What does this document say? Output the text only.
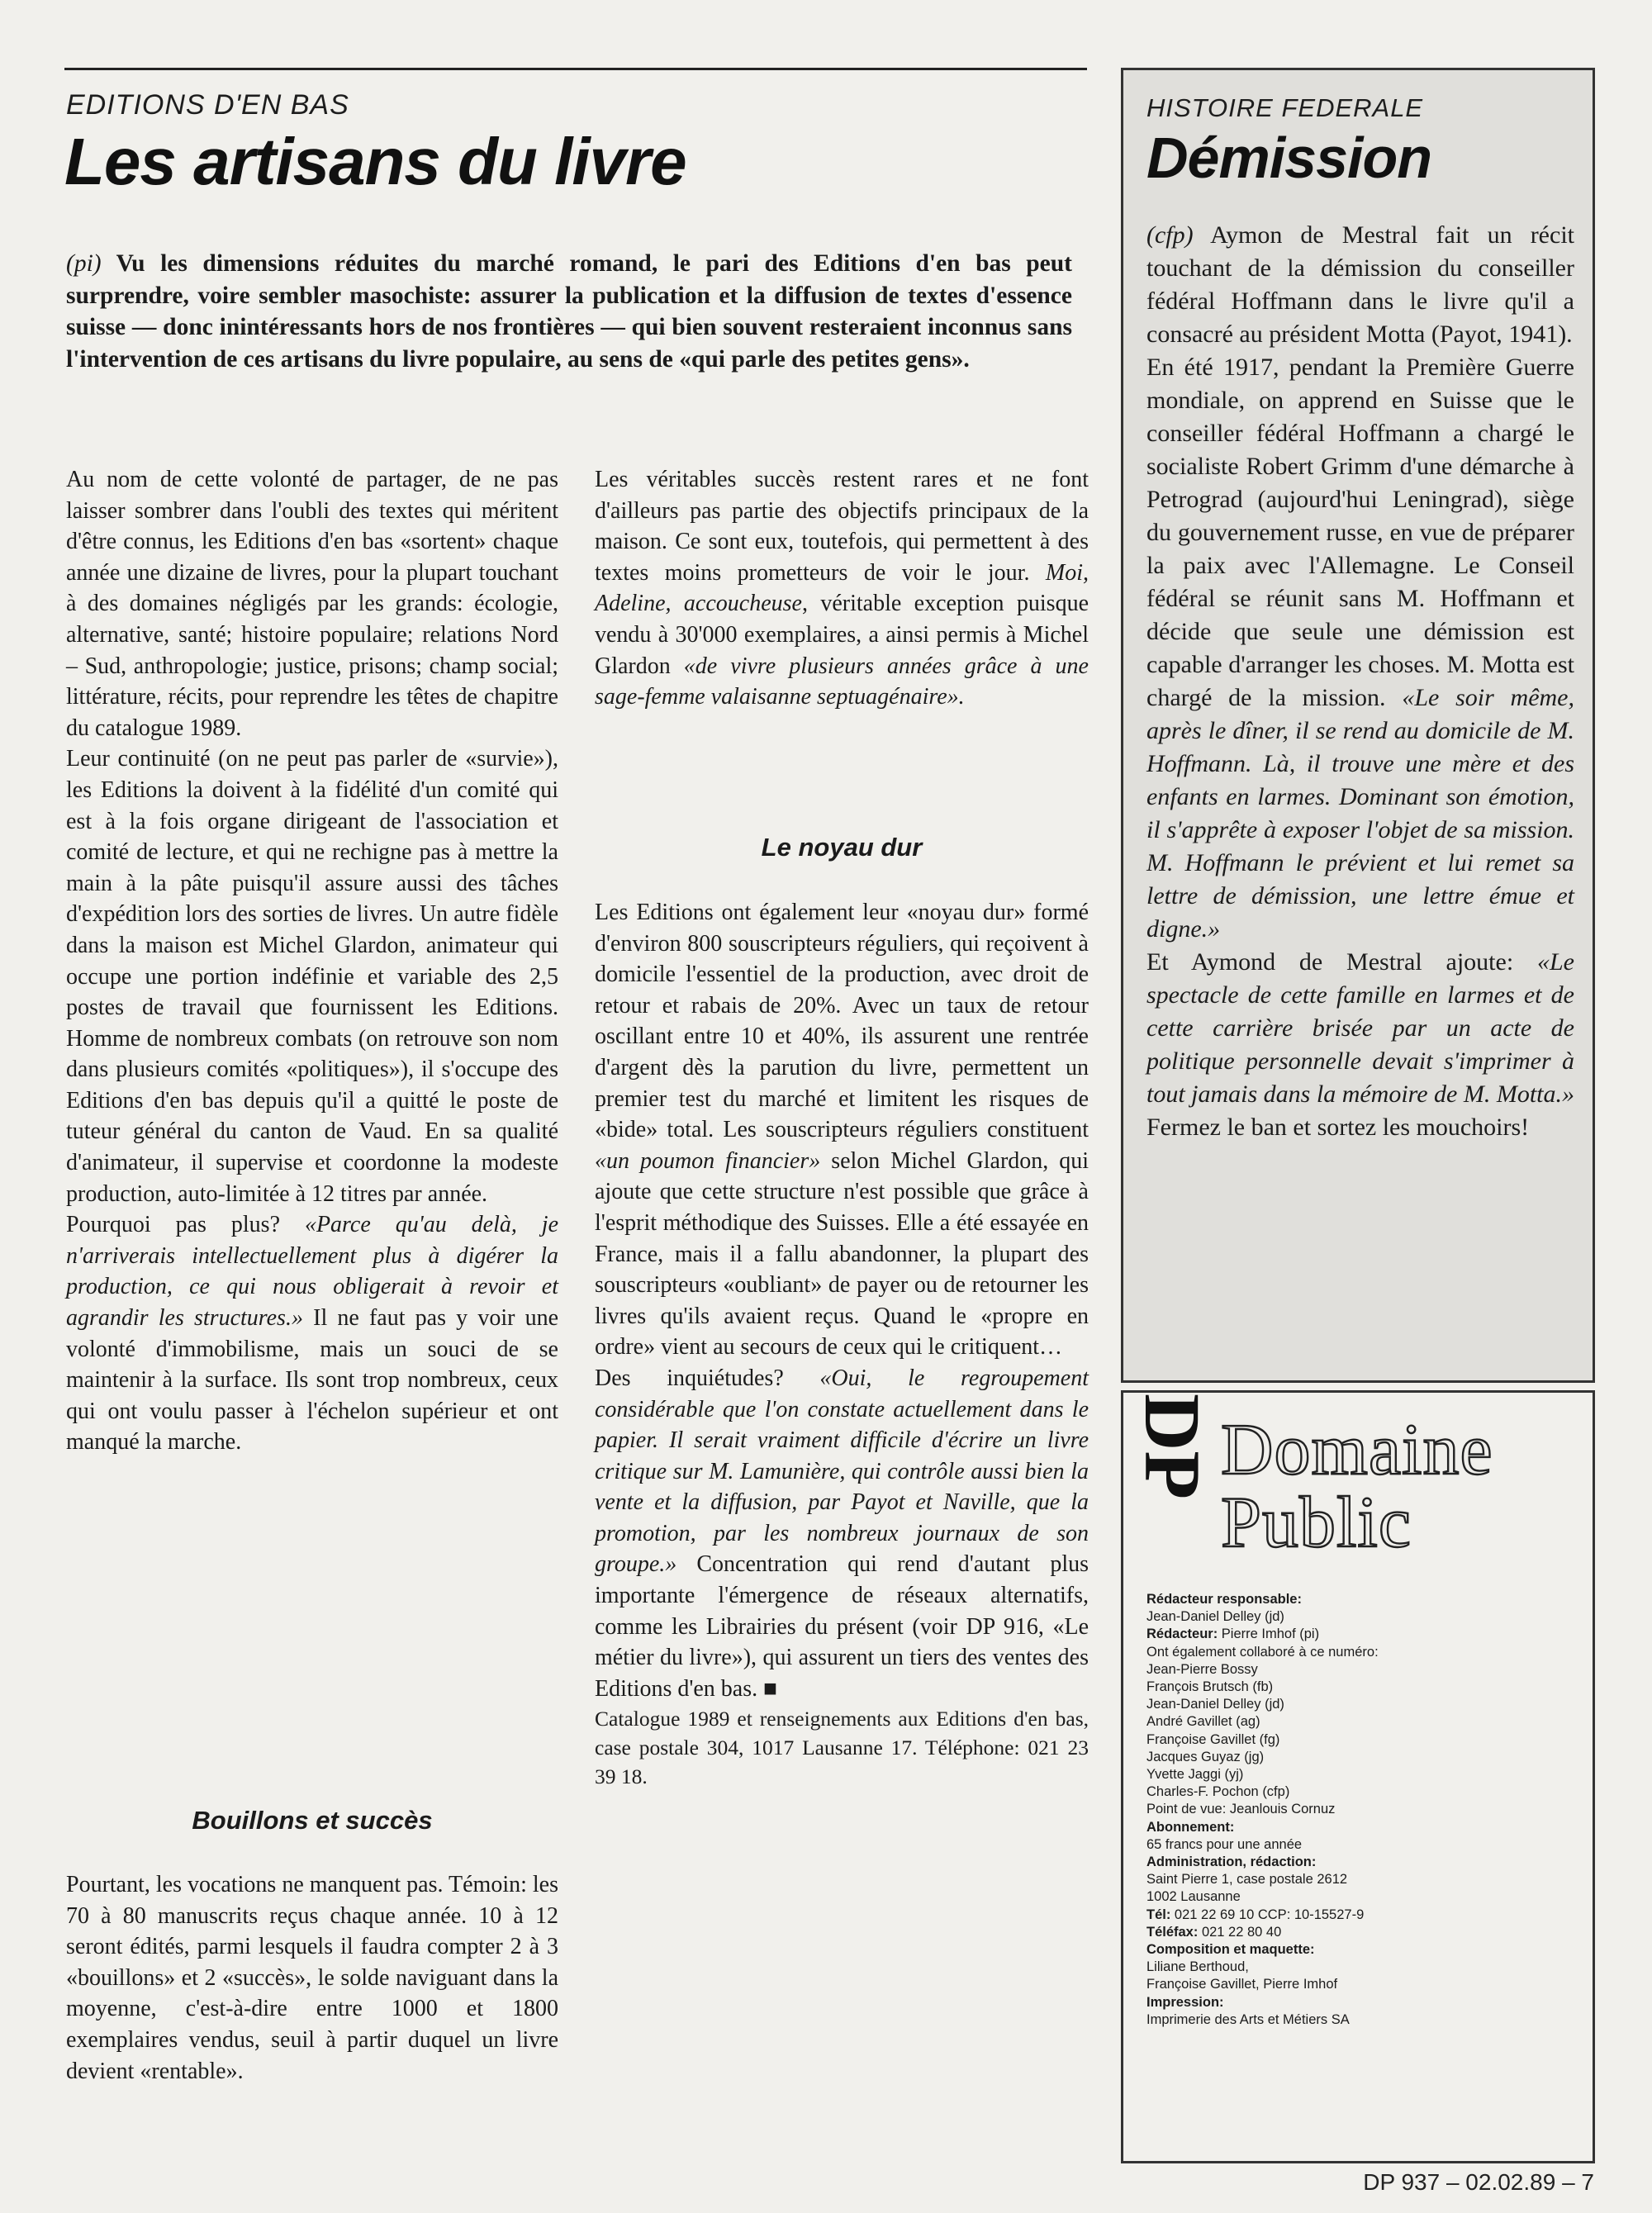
EDITIONS D'EN BAS
Les artisans du livre
(pi) Vu les dimensions réduites du marché romand, le pari des Editions d'en bas peut surprendre, voire sembler masochiste: assurer la publication et la diffusion de textes d'essence suisse — donc inintéressants hors de nos frontières — qui bien souvent resteraient inconnus sans l'intervention de ces artisans du livre populaire, au sens de «qui parle des petites gens».

Au nom de cette volonté de partager, de ne pas laisser sombrer dans l'oubli des textes qui méritent d'être connus, les Editions d'en bas «sortent» chaque année une dizaine de livres, pour la plupart touchant à des domaines négligés par les grands: écologie, alternative, santé; histoire populaire; relations Nord – Sud, anthropologie; justice, prisons; champ social; littérature, récits, pour reprendre les têtes de chapitre du catalogue 1989.

Leur continuité (on ne peut pas parler de «survie»), les Editions la doivent à la fidélité d'un comité qui est à la fois organe dirigeant de l'association et comité de lecture, et qui ne rechigne pas à mettre la main à la pâte puisqu'il assure aussi des tâches d'expédition lors des sorties de livres. Un autre fidèle dans la maison est Michel Glardon, animateur qui occupe une portion indéfinie et variable des 2,5 postes de travail que fournissent les Editions. Homme de nombreux combats (on retrouve son nom dans plusieurs comités «politiques»), il s'occupe des Editions d'en bas depuis qu'il a quitté le poste de tuteur général du canton de Vaud. En sa qualité d'animateur, il supervise et coordonne la modeste production, auto-limitée à 12 titres par année.

Pourquoi pas plus? «Parce qu'au delà, je n'arriverais intellectuellement plus à digérer la production, ce qui nous obligerait à revoir et agrandir les structures.» Il ne faut pas y voir une volonté d'immobilisme, mais un souci de se maintenir à la surface. Ils sont trop nombreux, ceux qui ont voulu passer à l'échelon supérieur et ont manqué la marche.

Bouillons et succès

Pourtant, les vocations ne manquent pas. Témoin: les 70 à 80 manuscrits reçus chaque année. 10 à 12 seront édités, parmi lesquels il faudra compter 2 à 3 «bouillons» et 2 «succès», le solde naviguant dans la moyenne, c'est-à-dire entre 1000 et 1800 exemplaires vendus, seuil à partir duquel un livre devient «rentable».

Les véritables succès restent rares et ne font d'ailleurs pas partie des objectifs principaux de la maison. Ce sont eux, toutefois, qui permettent à des textes moins prometteurs de voir le jour. Moi, Adeline, accoucheuse, véritable exception puisque vendu à 30'000 exemplaires, a ainsi permis à Michel Glardon «de vivre plusieurs années grâce à une sage-femme valaisanne septuagénaire».

Le noyau dur

Les Editions ont également leur «noyau dur» formé d'environ 800 souscripteurs réguliers, qui reçoivent à domicile l'essentiel de la production, avec droit de retour et rabais de 20%. Avec un taux de retour oscillant entre 10 et 40%, ils assurent une rentrée d'argent dès la parution du livre, permettent un premier test du marché et limitent les risques de «bide» total. Les souscripteurs réguliers constituent «un poumon financier» selon Michel Glardon, qui ajoute que cette structure n'est possible que grâce à l'esprit méthodique des Suisses. Elle a été essayée en France, mais il a fallu abandonner, la plupart des souscripteurs «oubliant» de payer ou de retourner les livres qu'ils avaient reçus. Quand le «propre en ordre» vient au secours de ceux qui le critiquent…

Des inquiétudes? «Oui, le regroupement considérable que l'on constate actuellement dans le papier. Il serait vraiment difficile d'écrire un livre critique sur M. Lamunière, qui contrôle aussi bien la vente et la diffusion, par Payot et Naville, que la promotion, par les nombreux journaux de son groupe.» Concentration qui rend d'autant plus importante l'émergence de réseaux alternatifs, comme les Librairies du présent (voir DP 916, «Le métier du livre»), qui assurent un tiers des ventes des Editions d'en bas. ■

Catalogue 1989 et renseignements aux Editions d'en bas, case postale 304, 1017 Lausanne 17. Téléphone: 021 23 39 18.

HISTOIRE FEDERALE
Démission

(cfp) Aymon de Mestral fait un récit touchant de la démission du conseiller fédéral Hoffmann dans le livre qu'il a consacré au président Motta (Payot, 1941).

En été 1917, pendant la Première Guerre mondiale, on apprend en Suisse que le conseiller fédéral Hoffmann a chargé le socialiste Robert Grimm d'une démarche à Petrograd (aujourd'hui Leningrad), siège du gouvernement russe, en vue de préparer la paix avec l'Allemagne. Le Conseil fédéral se réunit sans M. Hoffmann et décide que seule une démission est capable d'arranger les choses. M. Motta est chargé de la mission. «Le soir même, après le dîner, il se rend au domicile de M. Hoffmann. Là, il trouve une mère et des enfants en larmes. Dominant son émotion, il s'apprête à exposer l'objet de sa mission. M. Hoffmann le prévient et lui remet sa lettre de démission, une lettre émue et digne.»

Et Aymond de Mestral ajoute: «Le spectacle de cette famille en larmes et de cette carrière brisée par un acte de politique personnelle devait s'imprimer à tout jamais dans la mémoire de M. Motta.»

Fermez le ban et sortez les mouchoirs!

DP Domaine
Public
Rédacteur responsable:
Jean-Daniel Delley (jd)
Rédacteur: Pierre Imhof (pi)
Ont également collaboré à ce numéro:
Jean-Pierre Bossy
François Brutsch (fb)
Jean-Daniel Delley (jd)
André Gavillet (ag)
Françoise Gavillet (fg)
Jacques Guyaz (jg)
Yvette Jaggi (yj)
Charles-F. Pochon (cfp)
Point de vue: Jeanlouis Cornuz
Abonnement:
65 francs pour une année
Administration, rédaction:
Saint Pierre 1, case postale 2612
1002 Lausanne
Tél: 021 22 69 10 CCP: 10-15527-9
Téléfax: 021 22 80 40
Composition et maquette:
Liliane Berthoud,
Françoise Gavillet, Pierre Imhof
Impression:
Imprimerie des Arts et Métiers SA
DP 937 – 02.02.89 – 7
